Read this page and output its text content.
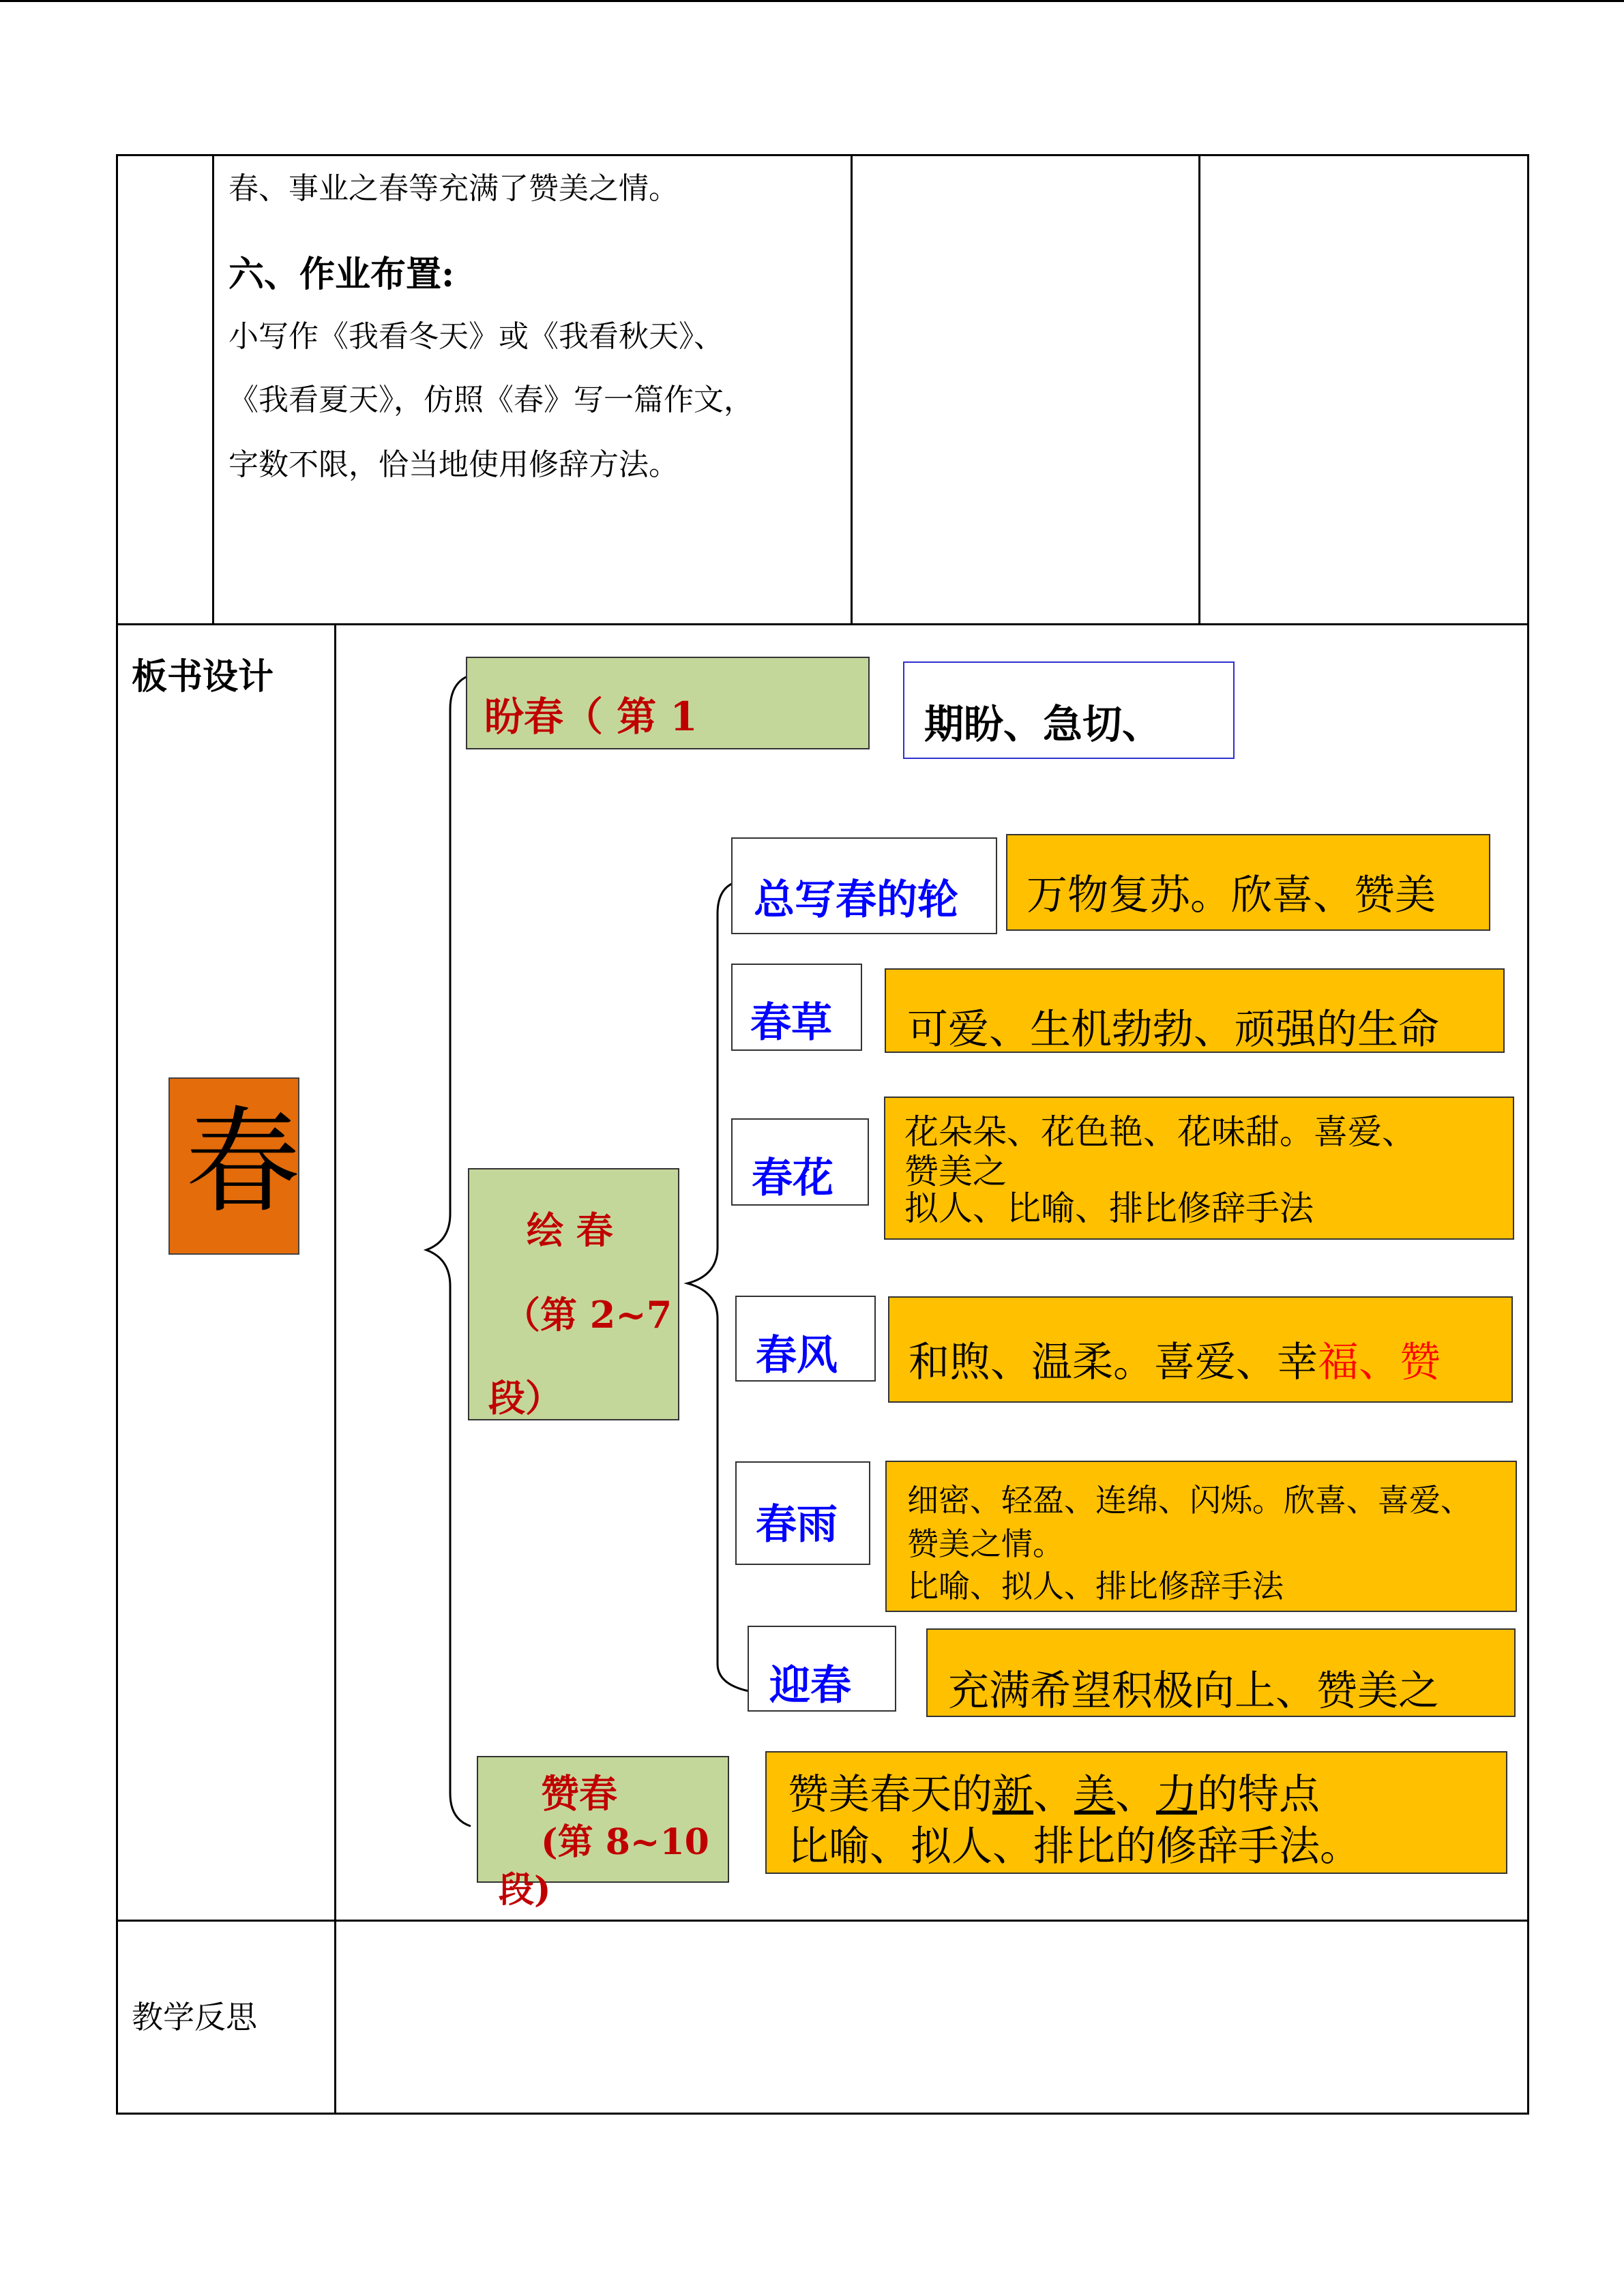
春、事业之春等充满了赞美之情。
六、作业布置:
小写作《我看冬天》或《我看秋天》、
《我看夏天》，仿照《春》写一篇作文，
字数不限，恰当地使用修辞方法。
板书设计
春
盼春（ 第 1	期盼、急切、
绘 春
（第 2~7
段）
赞春
(第 8~10
段)
总写春的轮 万物复苏。欣喜、赞美
春草 可爱、生机勃勃、顽强的生命
春花
花朵朵、花色艳、花味甜。喜爱、
赞美之
拟人、比喻、排比修辞手法
春风 和煦、温柔。喜爱、幸福、赞
春雨
细密、轻盈、连绵、闪烁。欣喜、喜爱、
赞美之情。
比喻、拟人、排比修辞手法
迎春 充满希望积极向上、赞美之
赞美春天的新、美、力的特点
比喻、拟人、排比的修辞手法。
教学反思
